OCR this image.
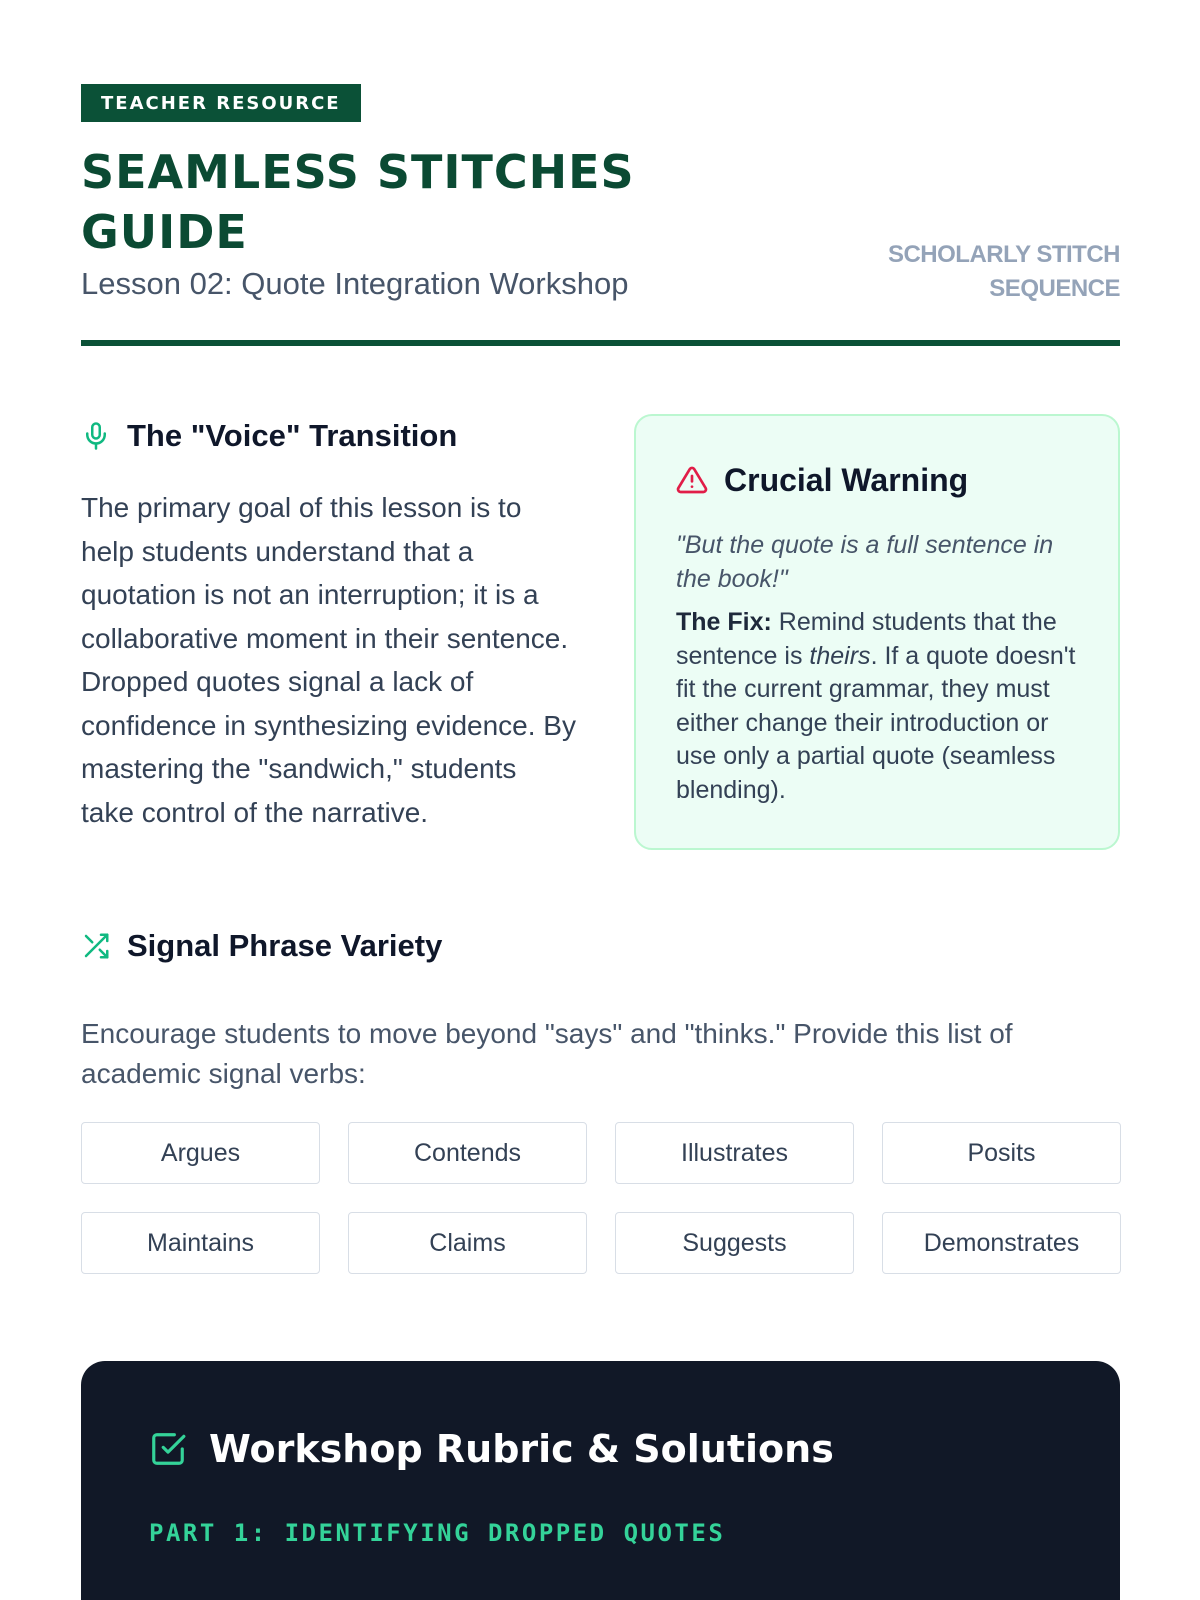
TEACHER RESOURCE
SEAMLESS STITCHES GUIDE
Lesson 02: Quote Integration Workshop
SCHOLARLY STITCH
SEQUENCE
The "Voice" Transition

The primary goal of this lesson is to help students understand that a quotation is not an interruption; it is a collaborative moment in their sentence. Dropped quotes signal a lack of confidence in synthesizing evidence. By mastering the "sandwich," students take control of the narrative.

Crucial Warning

"But the quote is a full sentence in the book!"

The Fix: Remind students that the sentence is theirs. If a quote doesn't fit the current grammar, they must either change their introduction or use only a partial quote (seamless blending).

Signal Phrase Variety

Encourage students to move beyond "says" and "thinks." Provide this list of academic signal verbs:

Argues	Contends	Illustrates	Posits
Maintains	Claims	Suggests	Demonstrates
Workshop Rubric & Solutions
PART 1: IDENTIFYING DROPPED QUOTES
